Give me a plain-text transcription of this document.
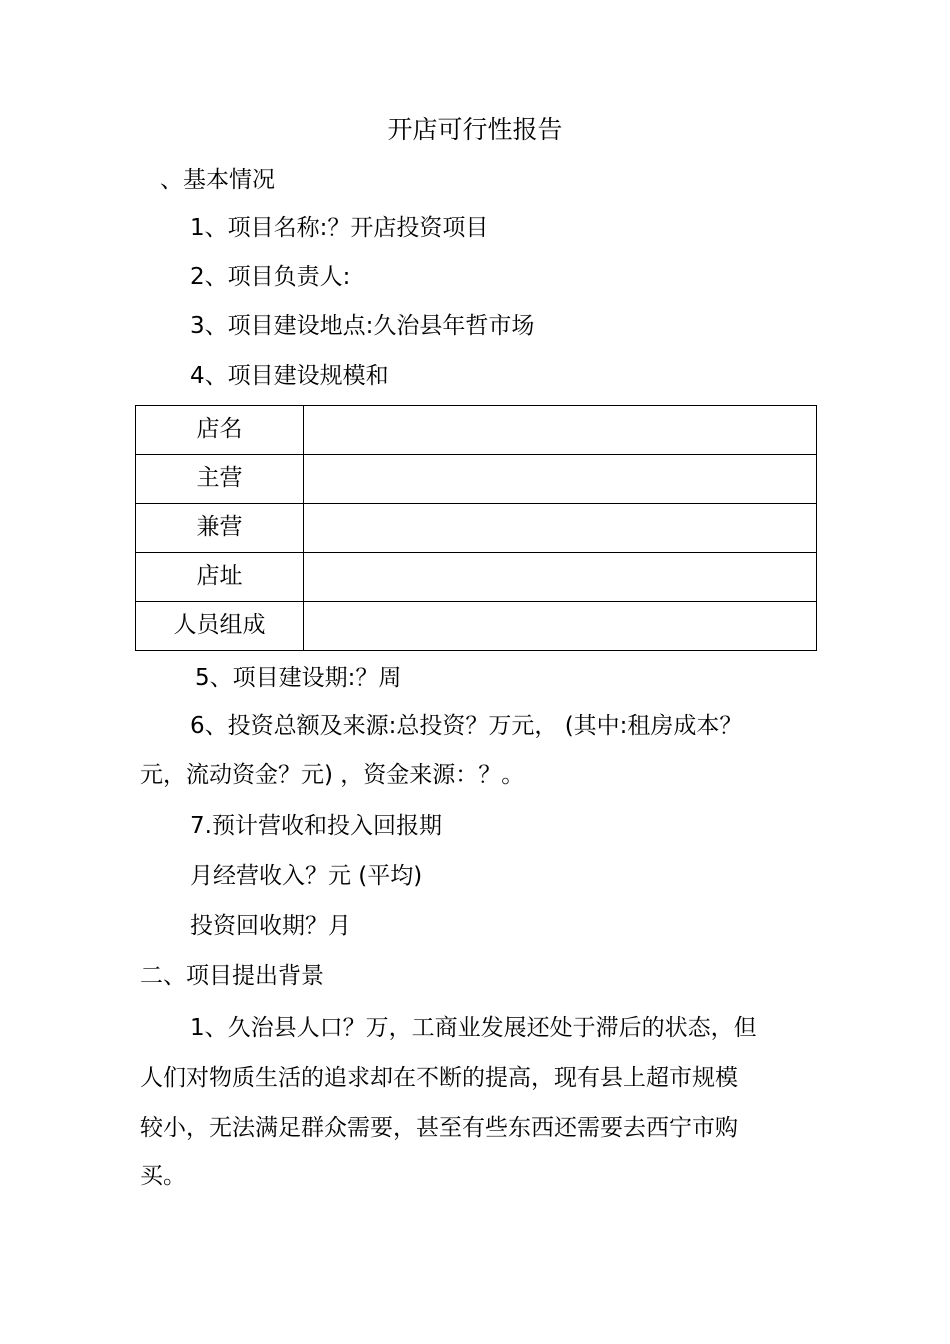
开店可行性报告
、基本情况
1、项目名称:？开店投资项目
2、项目负责人:
3、项目建设地点:久治县年哲市场
4、项目建设规模和
店名	
主营	
兼营	
店址	
人员组成	
5、项目建设期:？周
6、投资总额及来源:总投资？万元， (其中:租房成本？
元，流动资金？元) ，资金来源：？。
7.预计营收和投入回报期
月经营收入？元 (平均)
投资回收期？月
二、项目提出背景
1、久治县人口？万，工商业发展还处于滞后的状态，但
人们对物质生活的追求却在不断的提高，现有县上超市规模
较小，无法满足群众需要，甚至有些东西还需要去西宁市购
买。
